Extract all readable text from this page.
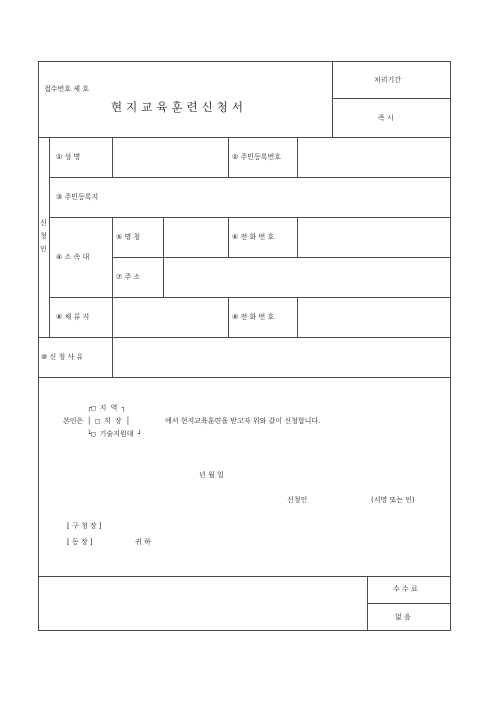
접수번호 제 호
현지교육훈련신청서
처리기간
즉 시
신
청
인
① 성 명	② 주민등록번호
③ 주민등록지
④ 소 속 대
⑤ 명 칭	⑥ 전 화 번 호
⑦ 주 소
⑧ 체 류 지	⑨ 전 화 번 호
⑩ 신 청 사 유
┌□ 지 역 ┐
본인은 │ □ 직 장 │	에서 현지교육훈련을 받고자 위와 같이 신청합니다.
└□ 기술지원대 ┘
년 월 일
신청인	(서명 또는 인)
[ 구 청 장 ]
[ 동 장 ]	귀 하
수 수 료
없 음
